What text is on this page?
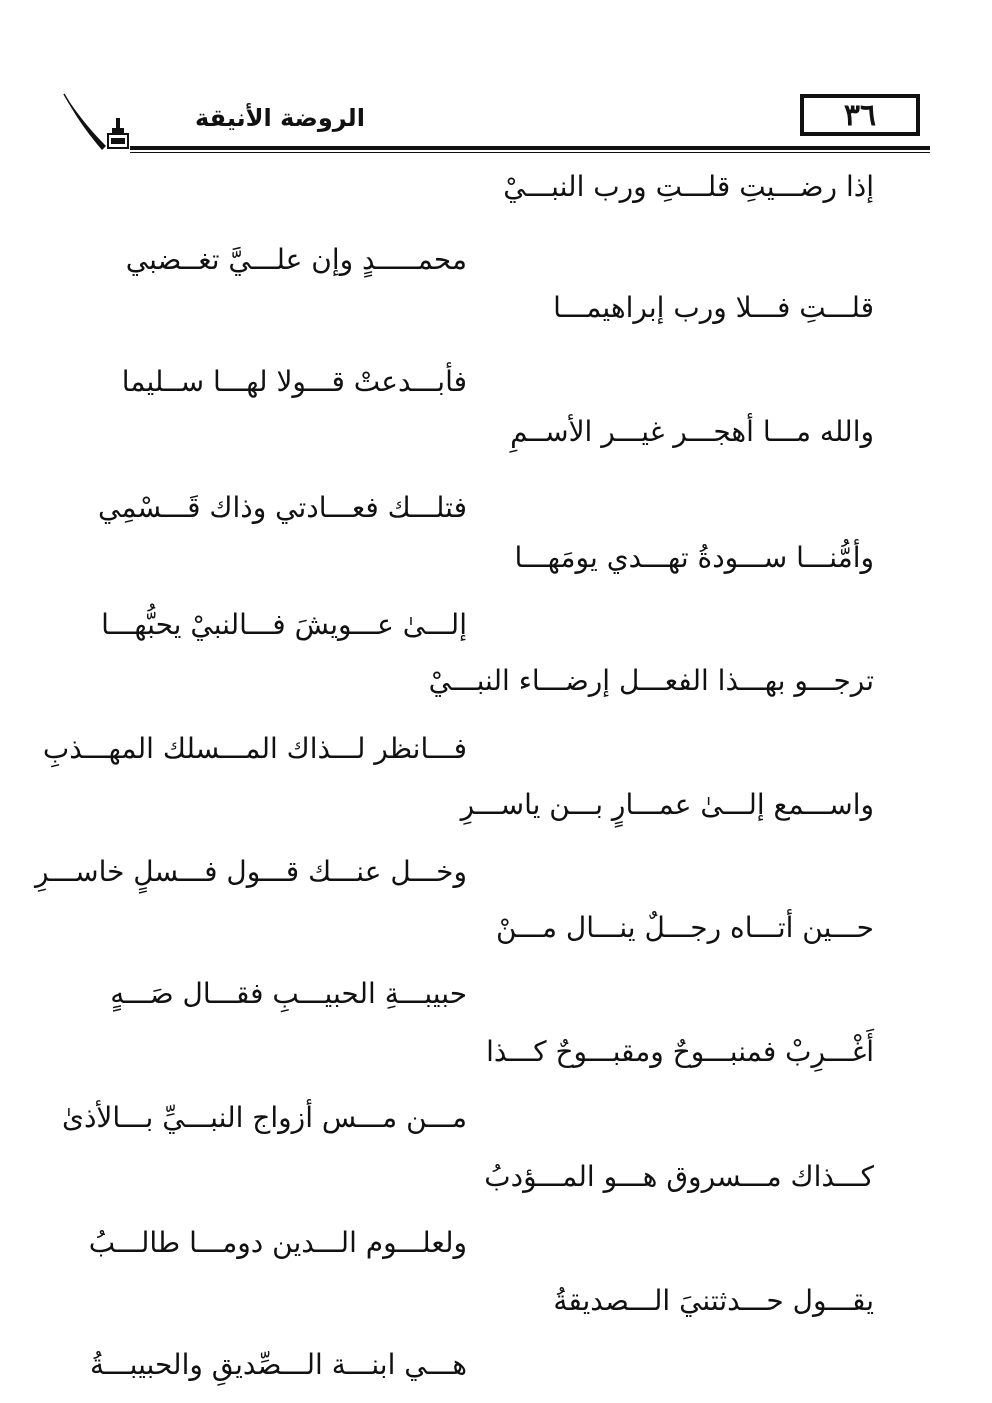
الروضة الأنيقة	٣٦
إذا رضـــيتِ قلـــتِ ورب النبـــيْ
محمـــــدٍ وإن علـــيَّ تغــضبي
قلـــتِ فـــلا ورب إبراهيمـــا
فأبـــدعتْ قـــولا لهـــا ســليما
والله مـــا أهجـــر غيـــر الأســمِ
فتلـــك فعـــادتي وذاك قَـــسْمِي
وأمُّنـــا ســـودةُ تهـــدي يومَهـــا
إلـــىٰ عـــويشَ فـــالنبيْ يحبُّهـــا
ترجـــو بهـــذا الفعـــل إرضـــاء النبـــيْ
فـــانظر لـــذاك المـــسلك المهـــذبِ
واســـمع إلـــىٰ عمـــارٍ بـــن ياســـرِ
وخـــل عنـــك قـــول فـــسلٍ خاســـرِ
حـــين أتـــاه رجـــلٌ ينـــال مـــنْ
حبيبـــةِ الحبيـــبِ فقـــال صَـــهٍ
أَغْـــرِبْ فمنبـــوحٌ ومقبـــوحٌ كـــذا
مـــن مـــس أزواج النبـــيِّ بـــالأذىٰ
كـــذاك مـــسروق هـــو المـــؤدبُ
ولعلـــوم الـــدين دومـــا طالـــبُ
يقـــول حـــدثتنيَ الـــصديقةُ
هـــي ابنـــة الـــصِّديقِ والحبيبـــةُ
